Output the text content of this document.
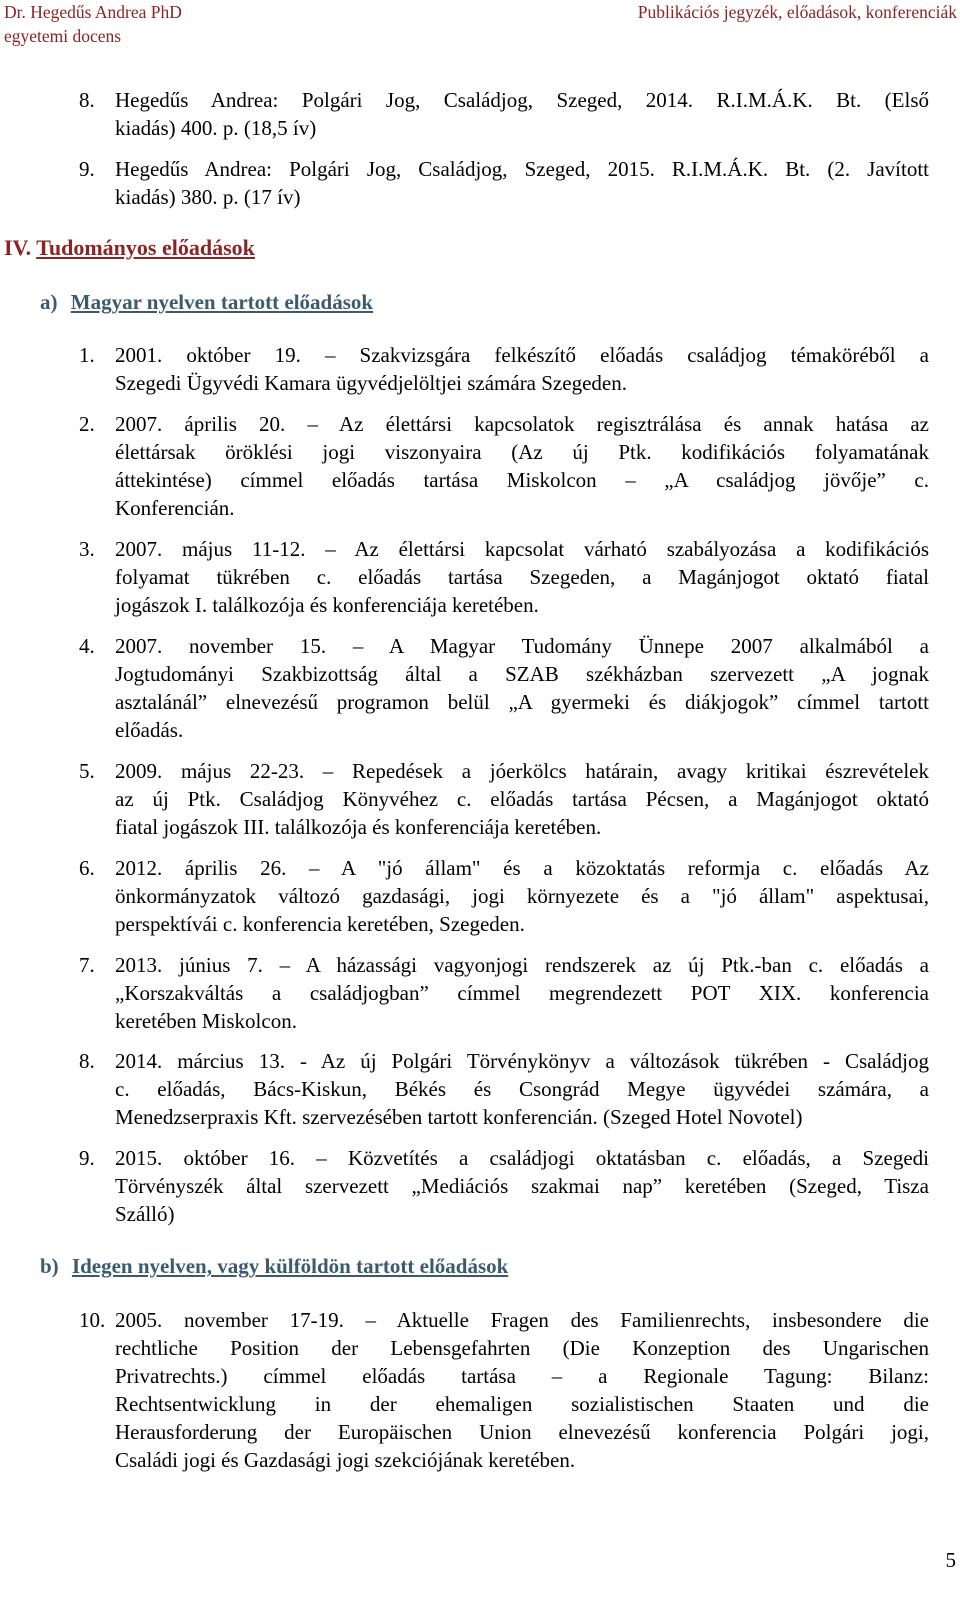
Dr. Hegedűs Andrea PhD
egyetemi docens
Publikációs jegyzék, előadások, konferenciák
8. Hegedűs Andrea: Polgári Jog, Családjog, Szeged, 2014. R.I.M.Á.K. Bt. (Első
kiadás) 400. p. (18,5 ív)
9. Hegedűs Andrea: Polgári Jog, Családjog, Szeged, 2015. R.I.M.Á.K. Bt. (2. Javított
kiadás) 380. p. (17 ív)
IV. Tudományos előadások
a) Magyar nyelven tartott előadások
1. 2001. október 19. – Szakvizsgára felkészítő előadás családjog témaköréből a
Szegedi Ügyvédi Kamara ügyvédjelöltjei számára Szegeden.
2. 2007. április 20. – Az élettársi kapcsolatok regisztrálása és annak hatása az
élettársak öröklési jogi viszonyaira (Az új Ptk. kodifikációs folyamatának
áttekintése) címmel előadás tartása Miskolcon – „A családjog jövője” c.
Konferencián.
3. 2007. május 11-12. – Az élettársi kapcsolat várható szabályozása a kodifikációs
folyamat tükrében c. előadás tartása Szegeden, a Magánjogot oktató fiatal
jogászok I. találkozója és konferenciája keretében.
4. 2007. november 15. – A Magyar Tudomány Ünnepe 2007 alkalmából a
Jogtudományi Szakbizottság által a SZAB székházban szervezett „A jognak
asztalánál” elnevezésű programon belül „A gyermeki és diákjogok” címmel tartott
előadás.
5. 2009. május 22-23. – Repedések a jóerkölcs határain, avagy kritikai észrevételek
az új Ptk. Családjog Könyvéhez c. előadás tartása Pécsen, a Magánjogot oktató
fiatal jogászok III. találkozója és konferenciája keretében.
6. 2012. április 26. – A "jó állam" és a közoktatás reformja c. előadás Az
önkormányzatok változó gazdasági, jogi környezete és a "jó állam" aspektusai,
perspektívái c. konferencia keretében, Szegeden.
7. 2013. június 7. – A házassági vagyonjogi rendszerek az új Ptk.-ban c. előadás a
„Korszakváltás a családjogban” címmel megrendezett POT XIX. konferencia
keretében Miskolcon.
8. 2014. március 13. - Az új Polgári Törvénykönyv a változások tükrében - Családjog
c. előadás, Bács-Kiskun, Békés és Csongrád Megye ügyvédei számára, a
Menedzserpraxis Kft. szervezésében tartott konferencián. (Szeged Hotel Novotel)
9. 2015. október 16. – Közvetítés a családjogi oktatásban c. előadás, a Szegedi
Törvényszék által szervezett „Mediációs szakmai nap” keretében (Szeged, Tisza
Szálló)
b) Idegen nyelven, vagy külföldön tartott előadások
10. 2005. november 17-19. – Aktuelle Fragen des Familienrechts, insbesondere die
rechtliche Position der Lebensgefahrten (Die Konzeption des Ungarischen
Privatrechts.) címmel előadás tartása – a Regionale Tagung: Bilanz:
Rechtsentwicklung in der ehemaligen sozialistischen Staaten und die
Herausforderung der Europäischen Union elnevezésű konferencia Polgári jogi,
Családi jogi és Gazdasági jogi szekciójának keretében.
5
